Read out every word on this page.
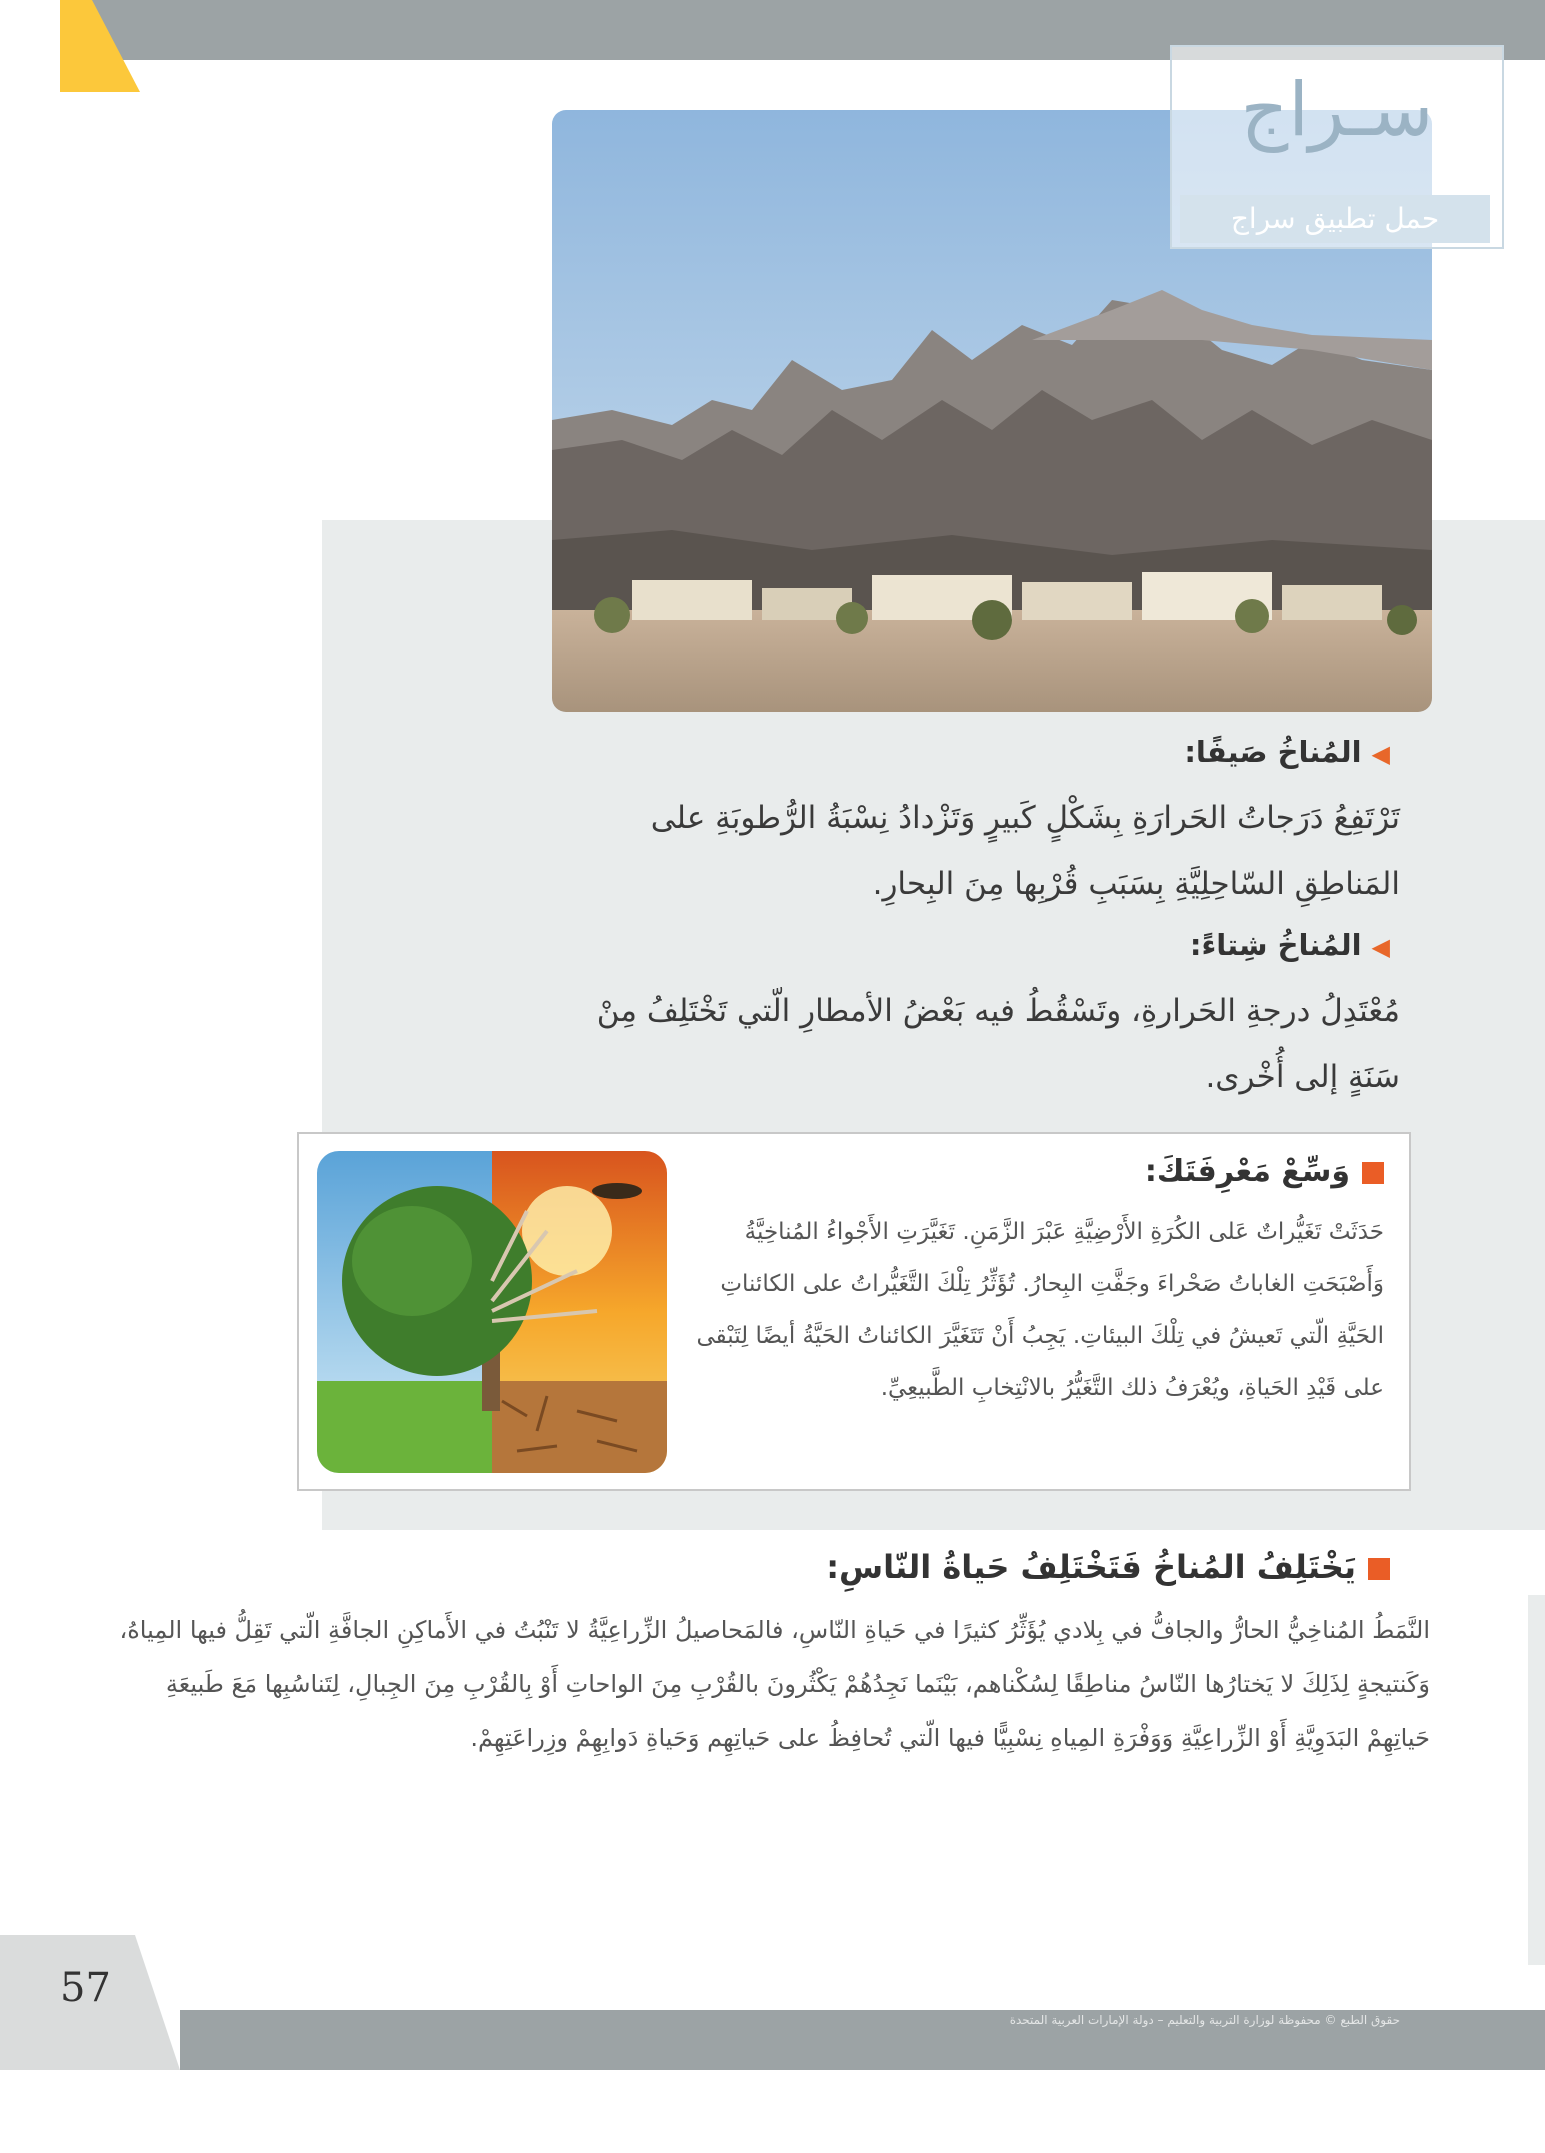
سـراج
حمل تطبيق سراج
◀المُناخُ صَيفًا:
تَرْتَفِعُ دَرَجاتُ الحَرارَةِ بِشَكْلٍ كَبيرٍ وَتَزْدادُ نِسْبَةُ الرُّطوبَةِ على المَناطِقِ السّاحِلِيَّةِ بِسَبَبِ قُرْبِها مِنَ البِحارِ.
◀المُناخُ شِتاءً:
مُعْتَدِلُ درجةِ الحَرارةِ، وتَسْقُطُ فيه بَعْضُ الأمطارِ الّتي تَخْتَلِفُ مِنْ سَنَةٍ إلى أُخْرى.
وَسِّعْ مَعْرِفَتَكَ:
حَدَثَتْ تَغَيُّراتٌ عَلى الكُرَةِ الأَرْضِيَّةِ عَبْرَ الزَّمَنِ. تَغَيَّرَتِ الأَجْواءُ المُناخِيَّةُ وَأَصْبَحَتِ الغاباتُ صَحْراءَ وجَفَّتِ البِحارُ. تُؤَثِّرُ تِلْكَ التَّغَيُّراتُ على الكائناتِ الحَيَّةِ الّتي تَعيشُ في تِلْكَ البيئاتِ. يَجِبُ أَنْ تَتَغَيَّرَ الكائناتُ الحَيَّةُ أيضًا لِتَبْقى على قَيْدِ الحَياةِ، ويُعْرَفُ ذلك التَّغَيُّرُ بالانْتِخابِ الطَّبيعِيِّ.
يَخْتَلِفُ المُناخُ فَتَخْتَلِفُ حَياةُ النّاسِ:
النَّمَطُ المُناخِيُّ الحارُّ والجافُّ في بِلادي يُؤَثِّرُ كثيرًا في حَياةِ النّاسِ، فالمَحاصيلُ الزِّراعِيَّةُ لا تَنْبُتُ في الأَماكِنِ الجافَّةِ الّتي تَقِلُّ فيها المِياهُ، وَكَنتيجةٍ لِذَلِكَ لا يَختارُها النّاسُ مناطِقًا لِسُكْناهم، بَيْنَما نَجِدُهُمْ يَكْثُرونَ بالقُرْبِ مِنَ الواحاتِ أَوْ بِالقُرْبِ مِنَ الجِبالِ، لِتَناسُبِها مَعَ طَبيعَةِ حَياتِهِمْ البَدَوِيَّةِ أَوْ الزِّراعِيَّةِ وَوَفْرَةِ المِياهِ نِسْبِيًّا فيها الّتي تُحافِظُ على حَياتِهِم وَحَياةِ دَوابِهِمْ وزِراعَتِهِمْ.
57
حقوق الطبع © محفوظة لوزارة التربية والتعليم – دولة الإمارات العربية المتحدة
